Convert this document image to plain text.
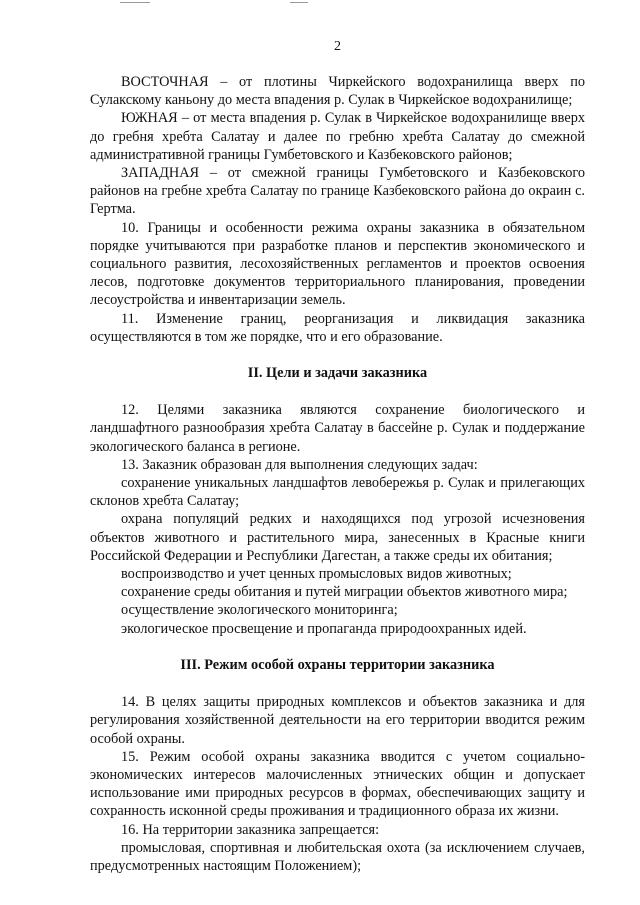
2

ВОСТОЧНАЯ – от плотины Чиркейского водохранилища вверх по Сулакскому каньону до места впадения р. Сулак в Чиркейское водохранилище;

ЮЖНАЯ – от места впадения р. Сулак в Чиркейское водохранилище вверх до гребня хребта Салатау и далее по гребню хребта Салатау до смежной административной границы Гумбетовского и Казбековского районов;

ЗАПАДНАЯ – от смежной границы Гумбетовского и Казбековского районов на гребне хребта Салатау по границе Казбековского района до окраин с. Гертма.

10. Границы и особенности режима охраны заказника в обязательном порядке учитываются при разработке планов и перспектив экономического и социального развития, лесохозяйственных регламентов и проектов освоения лесов, подготовке документов территориального планирования, проведении лесоустройства и инвентаризации земель.

11. Изменение границ, реорганизация и ликвидация заказника осуществляются в том же порядке, что и его образование.

II. Цели и задачи заказника

12. Целями заказника являются сохранение биологического и ландшафтного разнообразия хребта Салатау в бассейне р. Сулак и поддержание экологического баланса в регионе.

13. Заказник образован для выполнения следующих задач:

сохранение уникальных ландшафтов левобережья р. Сулак и прилегающих склонов хребта Салатау;

охрана популяций редких и находящихся под угрозой исчезновения объектов животного и растительного мира, занесенных в Красные книги Российской Федерации и Республики Дагестан, а также среды их обитания;

воспроизводство и учет ценных промысловых видов животных;

сохранение среды обитания и путей миграции объектов животного мира;

осуществление экологического мониторинга;

экологическое просвещение и пропаганда природоохранных идей.

III. Режим особой охраны территории заказника

14. В целях защиты природных комплексов и объектов заказника и для регулирования хозяйственной деятельности на его территории вводится режим особой охраны.

15. Режим особой охраны заказника вводится с учетом социально-экономических интересов малочисленных этнических общин и допускает использование ими природных ресурсов в формах, обеспечивающих защиту и сохранность исконной среды проживания и традиционного образа их жизни.

16. На территории заказника запрещается:

промысловая, спортивная и любительская охота (за исключением случаев, предусмотренных настоящим Положением);
